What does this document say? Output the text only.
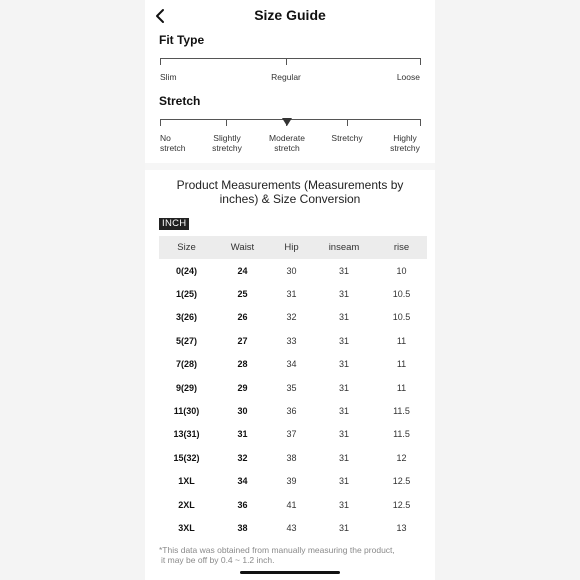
Size Guide
Fit Type
Slim	Regular	Loose
Stretch
No
stretch
Slightly
stretchy
Moderate
stretch
Stretchy	Highly
stretchy
Product Measurements (Measurements by
inches) & Size Conversion
INCH
Size	Waist	Hip	inseam	rise
0(24)	24	30	31	10
1(25)	25	31	31	10.5
3(26)	26	32	31	10.5
5(27)	27	33	31	11
7(28)	28	34	31	11
9(29)	29	35	31	11
11(30)	30	36	31	11.5
13(31)	31	37	31	11.5
15(32)	32	38	31	12
1XL	34	39	31	12.5
2XL	36	41	31	12.5
3XL	38	43	31	13
*This data was obtained from manually measuring the product,
it may be off by 0.4 ~ 1.2 inch.
